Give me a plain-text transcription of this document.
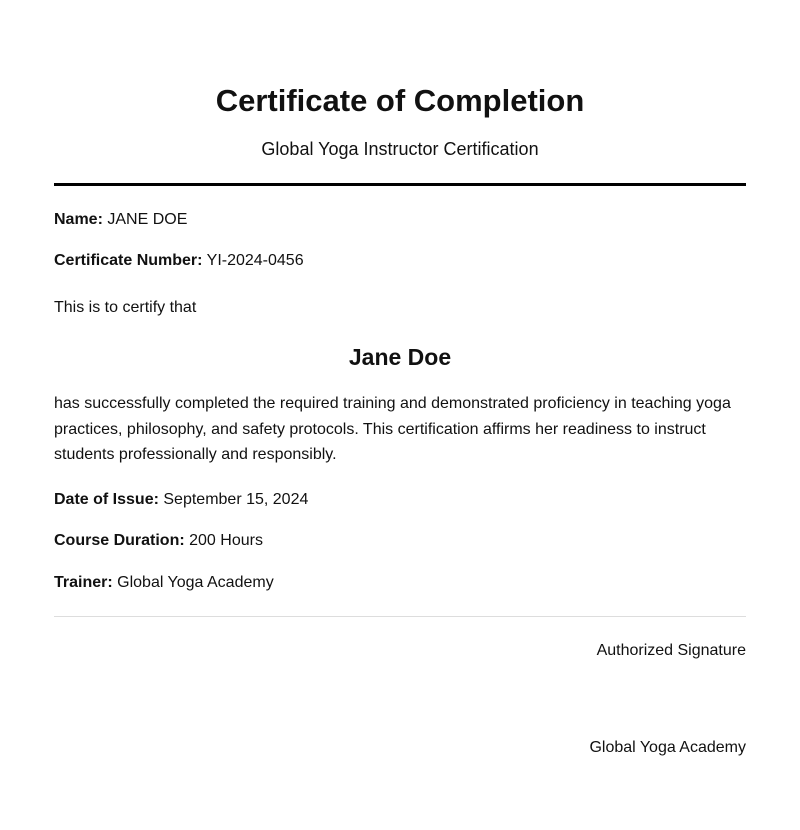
Certificate of Completion
Global Yoga Instructor Certification
Name: JANE DOE
Certificate Number: YI-2024-0456
This is to certify that
Jane Doe

has successfully completed the required training and demonstrated proficiency in teaching yoga practices, philosophy, and safety protocols. This certification affirms her readiness to instruct students professionally and responsibly.

Date of Issue: September 15, 2024
Course Duration: 200 Hours
Trainer: Global Yoga Academy
Authorized Signature
Global Yoga Academy
